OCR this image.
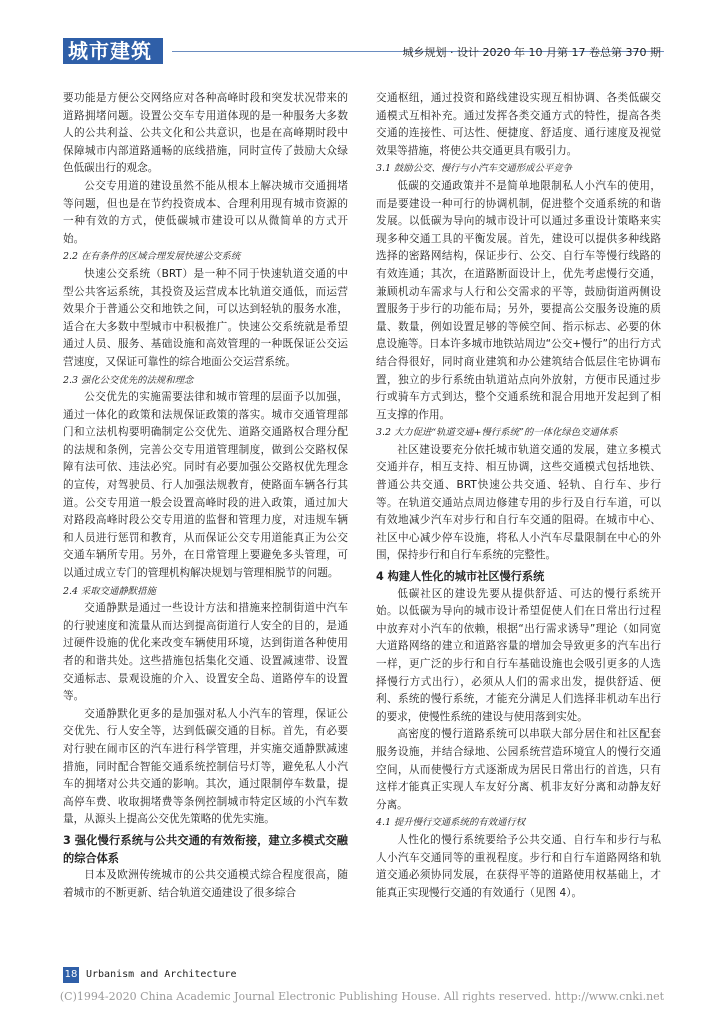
城市建筑	城乡规划 · 设计 2020 年 10 月第 17 卷总第 370 期

要功能是方便公交网络应对各种高峰时段和突发状况带来的道路拥堵问题。设置公交车专用道体现的是一种服务大多数人的公共利益、公共文化和公共意识，也是在高峰期时段中保障城市内部道路通畅的底线措施，同时宣传了鼓励大众绿色低碳出行的观念。

公交专用道的建设虽然不能从根本上解决城市交通拥堵等问题，但也是在节约投资成本、合理利用现有城市资源的一种有效的方式，使低碳城市建设可以从微简单的方式开始。

2.2 在有条件的区域合理发展快速公交系统

快速公交系统（BRT）是一种不同于快速轨道交通的中型公共客运系统，其投资及运营成本比轨道交通低，而运营效果介于普通公交和地铁之间，可以达到轻轨的服务水准，适合在大多数中型城市中积极推广。快速公交系统就是希望通过人员、服务、基础设施和高效管理的一种既保证公交运营速度，又保证可靠性的综合地面公交运营系统。

2.3 强化公交优先的法规和理念

公交优先的实施需要法律和城市管理的层面予以加强，通过一体化的政策和法规保证政策的落实。城市交通管理部门和立法机构要明确制定公交优先、道路交通路权合理分配的法规和条例，完善公交专用道管理制度，做到公交路权保障有法可依、违法必究。同时有必要加强公交路权优先理念的宣传，对驾驶员、行人加强法规教育，使路面车辆各行其道。公交专用道一般会设置高峰时段的进入政策，通过加大对路段高峰时段公交专用道的监督和管理力度，对违规车辆和人员进行惩罚和教育，从而保证公交专用道能真正为公交交通车辆所专用。另外，在日常管理上要避免多头管理，可以通过成立专门的管理机构解决规划与管理相脱节的问题。

2.4 采取交通静默措施

交通静默是通过一些设计方法和措施来控制街道中汽车的行驶速度和流量从而达到提高街道行人安全的目的，是通过硬件设施的优化来改变车辆使用环境，达到街道各种使用者的和谐共处。这些措施包括集化交通、设置减速带、设置交通标志、景观设施的介入、设置安全岛、道路停车的设置等。

交通静默化更多的是加强对私人小汽车的管理，保证公交优先、行人安全等，达到低碳交通的目标。首先，有必要对行驶在闹市区的汽车进行科学管理，并实施交通静默减速措施，同时配合智能交通系统控制信号灯等，避免私人小汽车的拥堵对公共交通的影响。其次，通过限制停车数量，提高停车费、收取拥堵费等条例控制城市特定区域的小汽车数量，从源头上提高公交优先策略的优先实施。

3 强化慢行系统与公共交通的有效衔接，建立多模式交融的综合体系

日本及欧洲传统城市的公共交通模式综合程度很高，随着城市的不断更新、结合轨道交通建设了很多综合

交通枢纽，通过投资和路线建设实现互相协调、各类低碳交通模式互相补充。通过发挥各类交通方式的特性，提高各类交通的连接性、可达性、便捷度、舒适度、通行速度及视觉效果等措施，将使公共交通更具有吸引力。

3.1 鼓励公交、慢行与小汽车交通形成公平竞争

低碳的交通政策并不是简单地限制私人小汽车的使用，而是要建设一种可行的协调机制，促进整个交通系统的和谐发展。以低碳为导向的城市设计可以通过多重设计策略来实现多种交通工具的平衡发展。首先，建设可以提供多种线路选择的密路网结构，保证步行、公交、自行车等慢行线路的有效连通；其次，在道路断面设计上，优先考虑慢行交通，兼顾机动车需求与人行和公交需求的平等，鼓励街道两侧设置服务于步行的功能布局；另外，要提高公交服务设施的质量、数量，例如设置足够的等候空间、指示标志、必要的休息设施等。日本许多城市地铁站周边“公交+慢行”的出行方式结合得很好，同时商业建筑和办公建筑结合低层住宅协调布置，独立的步行系统由轨道站点向外放射，方便市民通过步行或骑车方式到达，整个交通系统和混合用地开发起到了相互支撑的作用。

3.2 大力促进“轨道交通+慢行系统”的一体化绿色交通体系

社区建设要充分依托城市轨道交通的发展，建立多模式交通并存，相互支持、相互协调，这些交通模式包括地铁、普通公共交通、BRT快速公共交通、轻轨、自行车、步行等。在轨道交通站点周边修建专用的步行及自行车道，可以有效地减少汽车对步行和自行车交通的阻碍。在城市中心、社区中心减少停车设施，将私人小汽车尽量限制在中心的外围，保持步行和自行车系统的完整性。

4 构建人性化的城市社区慢行系统

低碳社区的建设先要从提供舒适、可达的慢行系统开始。以低碳为导向的城市设计希望促使人们在日常出行过程中放弃对小汽车的依赖，根据“出行需求诱导”理论（如同宽大道路网络的建立和道路容量的增加会导致更多的汽车出行一样，更广泛的步行和自行车基础设施也会吸引更多的人选择慢行方式出行），必须从人们的需求出发，提供舒适、便利、系统的慢行系统，才能充分满足人们选择非机动车出行的要求，使慢性系统的建设与使用落到实处。

高密度的慢行道路系统可以串联大部分居住和社区配套服务设施，并结合绿地、公园系统营造环境宜人的慢行交通空间，从而使慢行方式逐渐成为居民日常出行的首选，只有这样才能真正实现人车友好分离、机非友好分离和动静友好分离。

4.1 提升慢行交通系统的有效通行权

人性化的慢行系统要给予公共交通、自行车和步行与私人小汽车交通同等的重视程度。步行和自行车道路网络和轨道交通必须协同发展，在获得平等的道路使用权基础上，才能真正实现慢行交通的有效通行（见图 4）。

18 Urbanism and Architecture
(C)1994-2020 China Academic Journal Electronic Publishing House. All rights reserved. http://www.cnki.net
